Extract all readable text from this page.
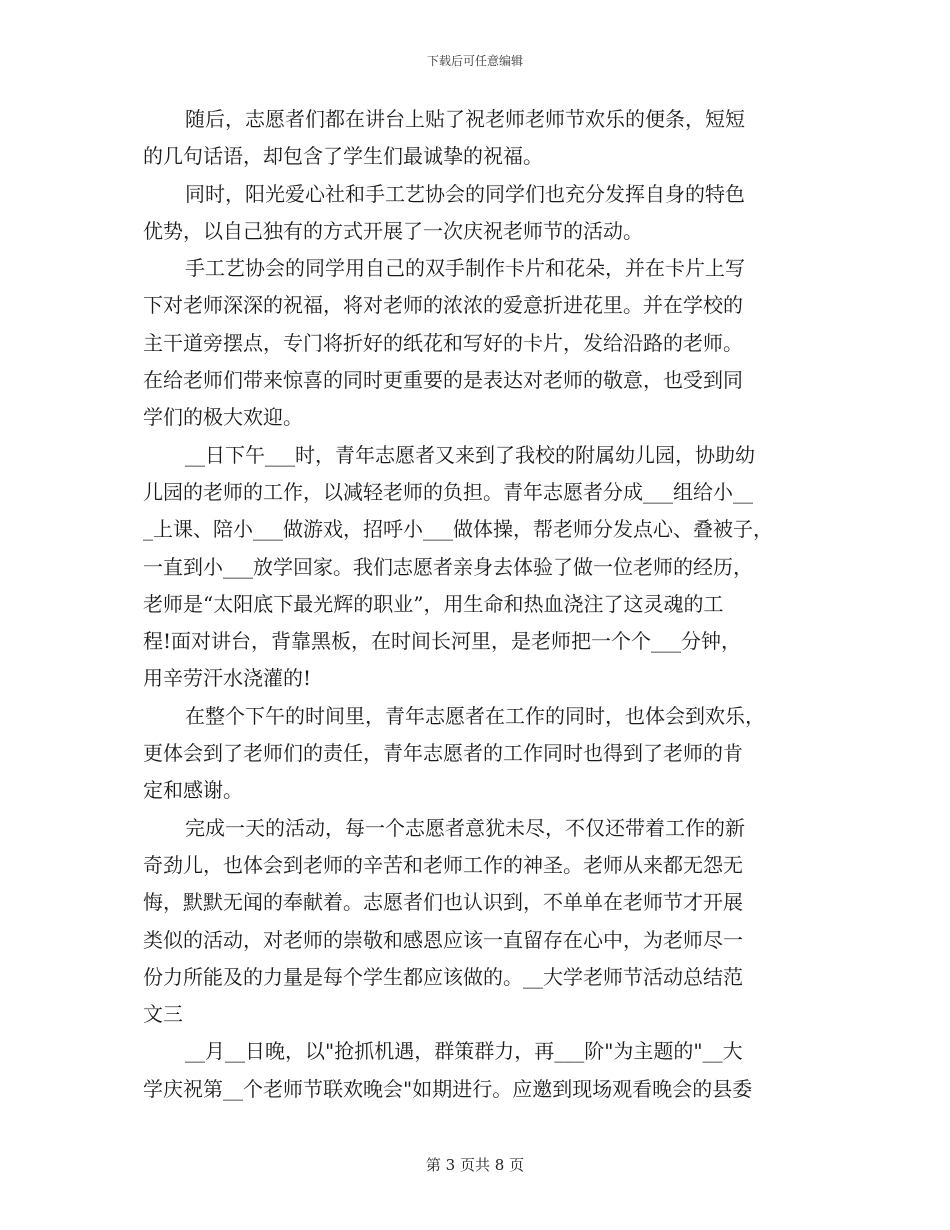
下载后可任意编辑

随后，志愿者们都在讲台上贴了祝老师老师节欢乐的便条，短短
的几句话语，却包含了学生们最诚挚的祝福。

同时，阳光爱心社和手工艺协会的同学们也充分发挥自身的特色
优势，以自己独有的方式开展了一次庆祝老师节的活动。

手工艺协会的同学用自己的双手制作卡片和花朵，并在卡片上写
下对老师深深的祝福，将对老师的浓浓的爱意折进花里。并在学校的
主干道旁摆点，专门将折好的纸花和写好的卡片，发给沿路的老师。
在给老师们带来惊喜的同时更重要的是表达对老师的敬意，也受到同
学们的极大欢迎。

__日下午___时，青年志愿者又来到了我校的附属幼儿园，协助幼
儿园的老师的工作，以减轻老师的负担。青年志愿者分成___组给小__
_上课、陪小___做游戏，招呼小___做体操，帮老师分发点心、叠被子，
一直到小___放学回家。我们志愿者亲身去体验了做一位老师的经历，
老师是“太阳底下最光辉的职业”，用生命和热血浇注了这灵魂的工
程!面对讲台，背靠黑板，在时间长河里，是老师把一个个___分钟，
用辛劳汗水浇灌的!

在整个下午的时间里，青年志愿者在工作的同时，也体会到欢乐，
更体会到了老师们的责任，青年志愿者的工作同时也得到了老师的肯
定和感谢。

完成一天的活动，每一个志愿者意犹未尽，不仅还带着工作的新
奇劲儿，也体会到老师的辛苦和老师工作的神圣。老师从来都无怨无
悔，默默无闻的奉献着。志愿者们也认识到，不单单在老师节才开展
类似的活动，对老师的崇敬和感恩应该一直留存在心中，为老师尽一
份力所能及的力量是每个学生都应该做的。__大学老师节活动总结范
文三

__月__日晚，以"抢抓机遇，群策群力，再___阶"为主题的"__大
学庆祝第__个老师节联欢晚会"如期进行。应邀到现场观看晚会的县委

第 3 页共 8 页
